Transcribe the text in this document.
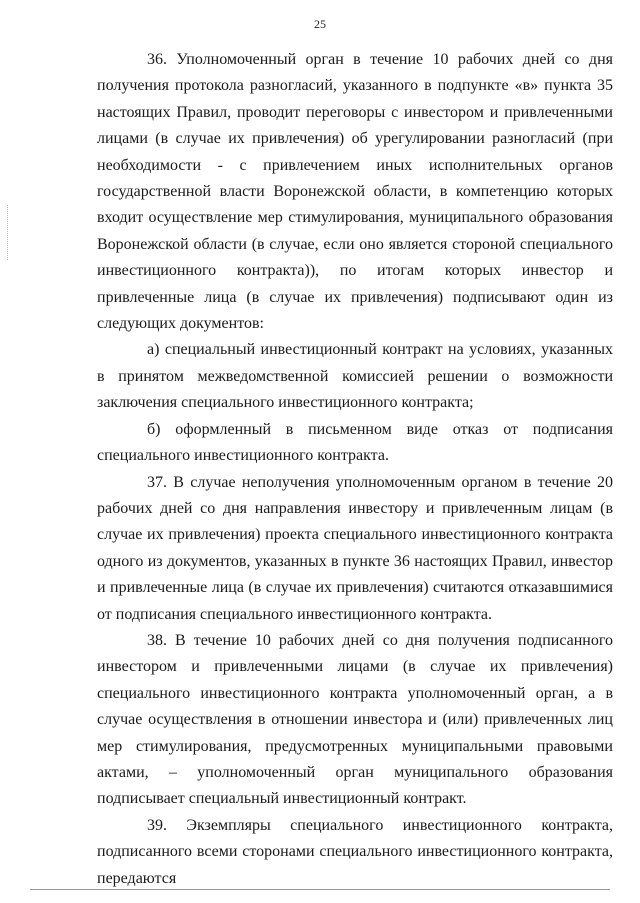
25

36. Уполномоченный орган в течение 10 рабочих дней со дня получения протокола разногласий, указанного в подпункте «в» пункта 35 настоящих Правил, проводит переговоры с инвестором и привлеченными лицами (в случае их привлечения) об урегулировании разногласий (при необходимости - с привлечением иных исполнительных органов государственной власти Воронежской области, в компетенцию которых входит осуществление мер стимулирования, муниципального образования Воронежской области (в случае, если оно является стороной специального инвестиционного контракта)), по итогам которых инвестор и привлеченные лица (в случае их привлечения) подписывают один из следующих документов:

а) специальный инвестиционный контракт на условиях, указанных в принятом межведомственной комиссией решении о возможности заключения специального инвестиционного контракта;

б) оформленный в письменном виде отказ от подписания специального инвестиционного контракта.

37. В случае неполучения уполномоченным органом в течение 20 рабочих дней со дня направления инвестору и привлеченным лицам (в случае их привлечения) проекта специального инвестиционного контракта одного из документов, указанных в пункте 36 настоящих Правил, инвестор и привлеченные лица (в случае их привлечения) считаются отказавшимися от подписания специального инвестиционного контракта.

38. В течение 10 рабочих дней со дня получения подписанного инвестором и привлеченными лицами (в случае их привлечения) специального инвестиционного контракта уполномоченный орган, а в случае осуществления в отношении инвестора и (или) привлеченных лиц мер стимулирования, предусмотренных муниципальными правовыми актами, – уполномоченный орган муниципального образования подписывает специальный инвестиционный контракт.

39. Экземпляры специального инвестиционного контракта, подписанного всеми сторонами специального инвестиционного контракта, передаются
